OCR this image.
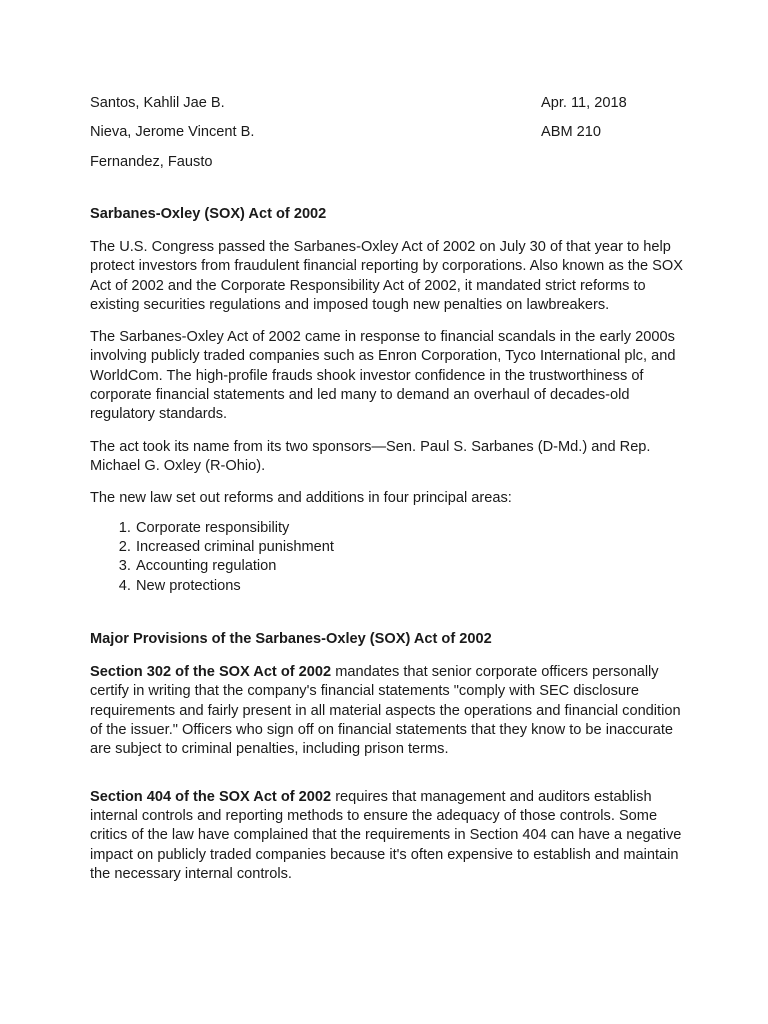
Santos, Kahlil Jae B.
Nieva, Jerome Vincent B.
Fernandez, Fausto
Apr. 11, 2018
ABM 210
Sarbanes-Oxley (SOX) Act of 2002

The U.S. Congress passed the Sarbanes-Oxley Act of 2002 on July 30 of that year to help protect investors from fraudulent financial reporting by corporations. Also known as the SOX Act of 2002 and the Corporate Responsibility Act of 2002, it mandated strict reforms to existing securities regulations and imposed tough new penalties on lawbreakers.

The Sarbanes-Oxley Act of 2002 came in response to financial scandals in the early 2000s involving publicly traded companies such as Enron Corporation, Tyco International plc, and WorldCom. The high-profile frauds shook investor confidence in the trustworthiness of corporate financial statements and led many to demand an overhaul of decades-old regulatory standards.

The act took its name from its two sponsors—Sen. Paul S. Sarbanes (D-Md.) and Rep. Michael G. Oxley (R-Ohio).

The new law set out reforms and additions in four principal areas:

1. Corporate responsibility
2. Increased criminal punishment
3. Accounting regulation
4. New protections
Major Provisions of the Sarbanes-Oxley (SOX) Act of 2002

Section 302 of the SOX Act of 2002 mandates that senior corporate officers personally certify in writing that the company's financial statements "comply with SEC disclosure requirements and fairly present in all material aspects the operations and financial condition of the issuer." Officers who sign off on financial statements that they know to be inaccurate are subject to criminal penalties, including prison terms.

Section 404 of the SOX Act of 2002 requires that management and auditors establish internal controls and reporting methods to ensure the adequacy of those controls. Some critics of the law have complained that the requirements in Section 404 can have a negative impact on publicly traded companies because it's often expensive to establish and maintain the necessary internal controls.
